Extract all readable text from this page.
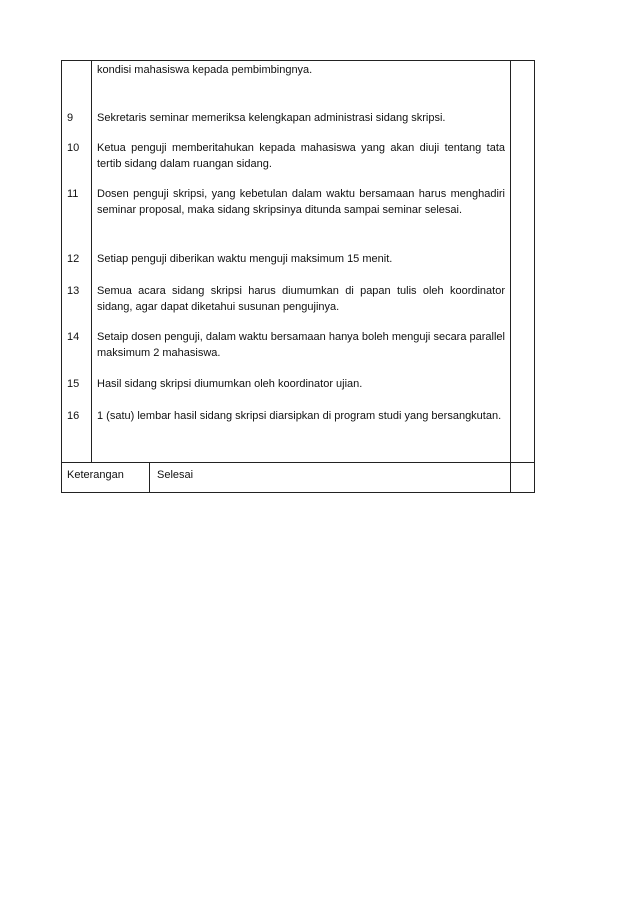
kondisi mahasiswa kepada pembimbingnya.
9 Sekretaris seminar memeriksa kelengkapan administrasi sidang skripsi.
10 Ketua penguji memberitahukan kepada mahasiswa yang akan diuji tentang tata tertib sidang dalam ruangan sidang.
11 Dosen penguji skripsi, yang kebetulan dalam waktu bersamaan harus menghadiri seminar proposal, maka sidang skripsinya ditunda sampai seminar selesai.
12 Setiap penguji diberikan waktu menguji maksimum 15 menit.
13 Semua acara sidang skripsi harus diumumkan di papan tulis oleh koordinator sidang, agar dapat diketahui susunan pengujinya.
14 Setaip dosen penguji, dalam waktu bersamaan hanya boleh menguji secara parallel maksimum 2 mahasiswa.
15 Hasil sidang skripsi diumumkan oleh koordinator ujian.
16 1 (satu) lembar hasil sidang skripsi diarsipkan di program studi yang bersangkutan.
Keterangan	Selesai
